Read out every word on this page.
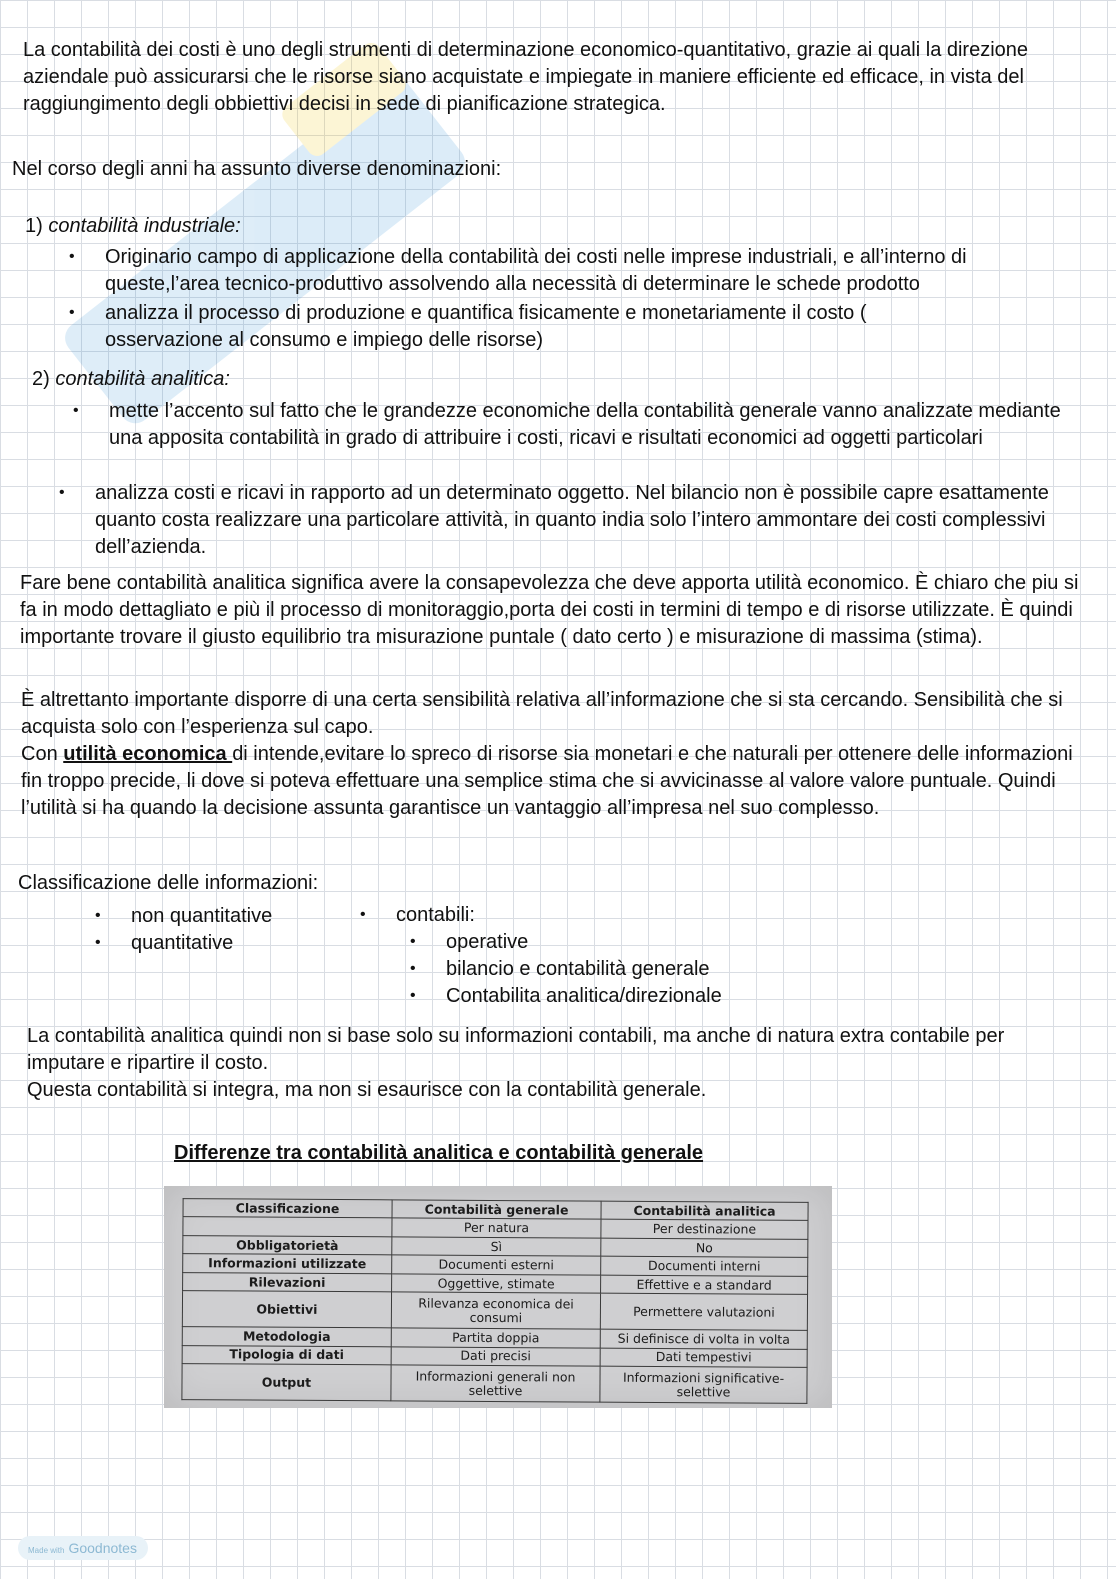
La contabilità dei costi è uno degli strumenti di determinazione economico-quantitativo, grazie ai quali la direzione aziendale può assicurarsi che le risorse siano acquistate e impiegate in maniere efficiente ed efficace, in vista del raggiungimento degli obbiettivi decisi in sede di pianificazione strategica.

Nel corso degli anni ha assunto diverse denominazioni:

1) contabilità industriale:

• Originario campo di applicazione della contabilità dei costi nelle imprese industriali, e all’interno di queste,l’area tecnico-produttivo assolvendo alla necessità di determinare le schede prodotto
• analizza il processo di produzione e quantifica fisicamente e monetariamente il costo ( osservazione al consumo e impiego delle risorse)

2) contabilità analitica:

• mette l’accento sul fatto che le grandezze economiche della contabilità generale vanno analizzate mediante una apposita contabilità in grado di attribuire i costi, ricavi e risultati economici ad oggetti particolari
• analizza costi e ricavi in rapporto ad un determinato oggetto. Nel bilancio non è possibile capre esattamente quanto costa realizzare una particolare attività, in quanto india solo l’intero ammontare dei costi complessivi dell’azienda.

Fare bene contabilità analitica significa avere la consapevolezza che deve apporta utilità economico. È chiaro che piu si fa in modo dettagliato e più il processo di monitoraggio,porta dei costi in termini di tempo e di risorse utilizzate. È quindi importante trovare il giusto equilibrio tra misurazione puntale ( dato certo ) e misurazione di massima (stima).

È altrettanto importante disporre di una certa sensibilità relativa all’informazione che si sta cercando. Sensibilità che si acquista solo con l’esperienza sul capo.

Con utilità economica di intende,evitare lo spreco di risorse sia monetari e che naturali per ottenere delle informazioni fin troppo precide, li dove si poteva effettuare una semplice stima che si avvicinasse al valore valore puntuale. Quindi l’utilità si ha quando la decisione assunta garantisce un vantaggio all’impresa nel suo complesso.

Classificazione delle informazioni:

• non quantitative
• quantitative
• contabili:
• operative
• bilancio e contabilità generale
• Contabilita analitica/direzionale

La contabilità analitica quindi non si base solo su informazioni contabili, ma anche di natura extra contabile per imputare e ripartire il costo.

Questa contabilità si integra, ma non si esaurisce con la contabilità generale.

Differenze tra contabilità analitica e contabilità generale

Classificazione	Contabilità generale	Contabilità analitica
	Per natura	Per destinazione
Obbligatorietà	Sì	No
Informazioni utilizzate	Documenti esterni	Documenti interni
Rilevazioni	Oggettive, stimate	Effettive e a standard
Obiettivi	Rilevanza economica dei consumi	Permettere valutazioni
Metodologia	Partita doppia	Si definisce di volta in volta
Tipologia di dati	Dati precisi	Dati tempestivi
Output	Informazioni generali non selettive	Informazioni significative-selettive
Made with Goodnotes
